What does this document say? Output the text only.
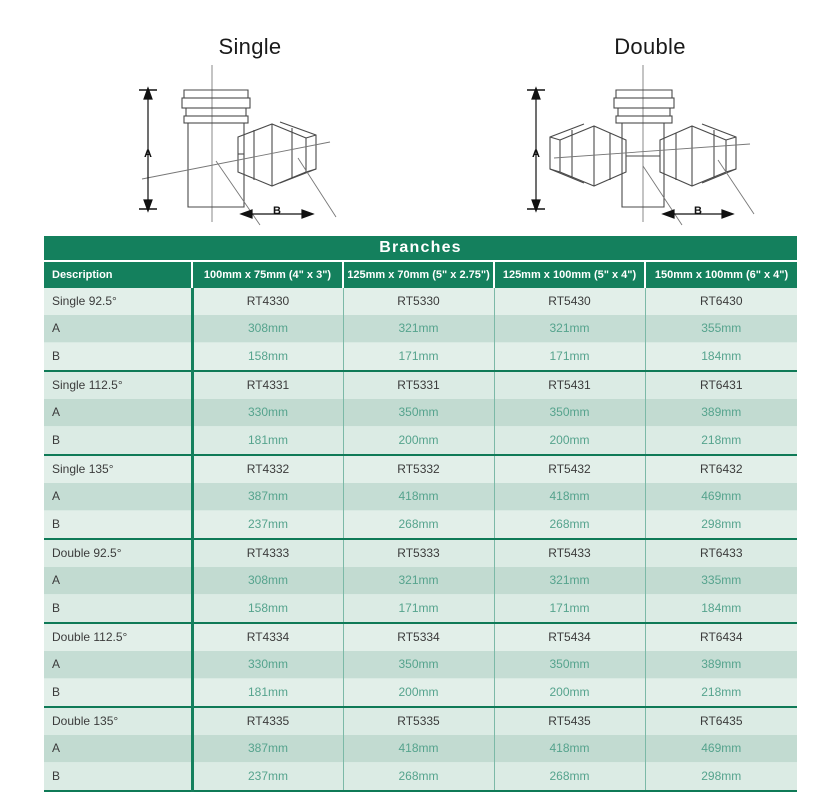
Single
A
B
Double
A
B
Branches				
Description	100mm x 75mm (4" x 3")	125mm x 70mm (5" x 2.75")	125mm x 100mm (5" x 4")	150mm x 100mm (6" x 4")
Single 92.5°	RT4330	RT5330	RT5430	RT6430
A	308mm	321mm	321mm	355mm
B	158mm	171mm	171mm	184mm
Single 112.5°	RT4331	RT5331	RT5431	RT6431
A	330mm	350mm	350mm	389mm
B	181mm	200mm	200mm	218mm
Single 135°	RT4332	RT5332	RT5432	RT6432
A	387mm	418mm	418mm	469mm
B	237mm	268mm	268mm	298mm
Double 92.5°	RT4333	RT5333	RT5433	RT6433
A	308mm	321mm	321mm	335mm
B	158mm	171mm	171mm	184mm
Double 112.5°	RT4334	RT5334	RT5434	RT6434
A	330mm	350mm	350mm	389mm
B	181mm	200mm	200mm	218mm
Double 135°	RT4335	RT5335	RT5435	RT6435
A	387mm	418mm	418mm	469mm
B	237mm	268mm	268mm	298mm
